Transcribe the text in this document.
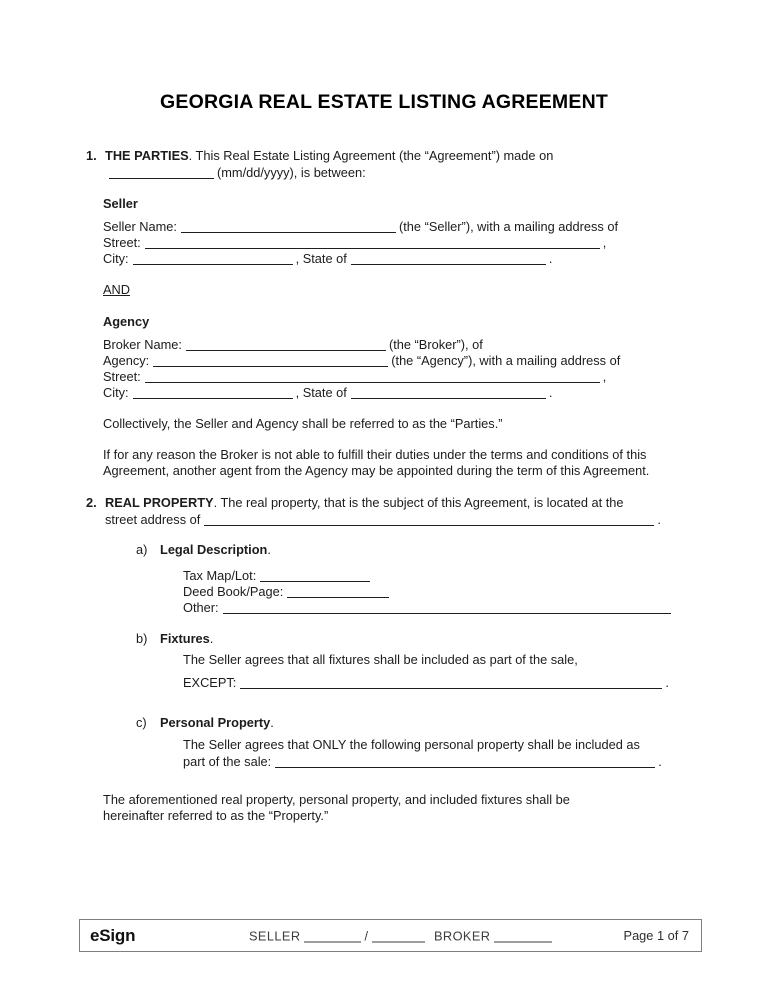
GEORGIA REAL ESTATE LISTING AGREEMENT
1. THE PARTIES. This Real Estate Listing Agreement (the “Agreement”) made on
(mm/dd/yyyy), is between:
Seller
Seller Name:	(the “Seller”), with a mailing address of
Street:	,
City:	, State of	.
AND
Agency
Broker Name:	(the “Broker”), of
Agency:	(the “Agency”), with a mailing address of
Street:	,
City:	, State of	.
Collectively, the Seller and Agency shall be referred to as the “Parties.”
If for any reason the Broker is not able to fulfill their duties under the terms and conditions of this Agreement, another agent from the Agency may be appointed during the term of this Agreement.
2. REAL PROPERTY. The real property, that is the subject of this Agreement, is located at the
street address of	.
a) Legal Description.
Tax Map/Lot:
Deed Book/Page:
Other:
b) Fixtures.
The Seller agrees that all fixtures shall be included as part of the sale,
EXCEPT:	.
c)	Personal Property.
The Seller agrees that ONLY the following personal property shall be included as
part of the sale:	.
The aforementioned real property, personal property, and included fixtures shall be hereinafter referred to as the “Property.”
eSign	SELLER	/	BROKER	Page 1 of 7
